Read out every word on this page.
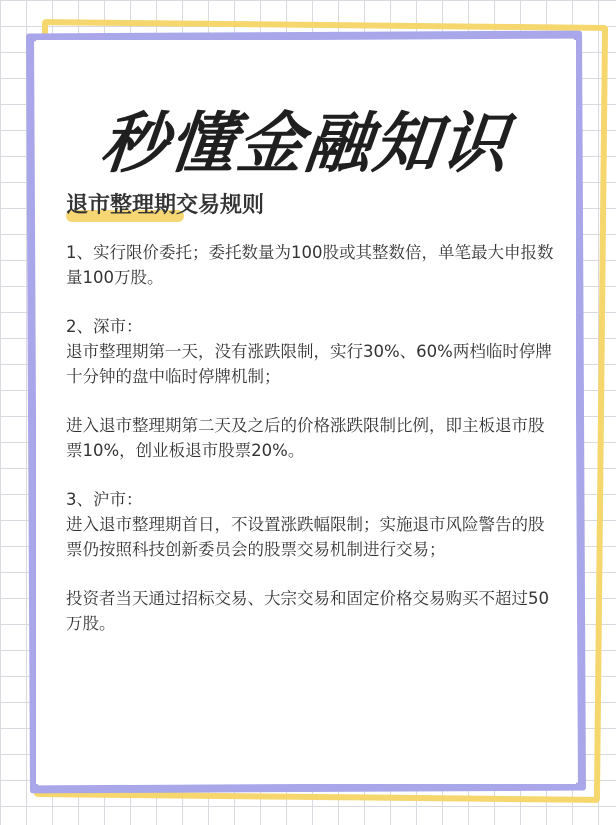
秒懂金融知识
退市整理期交易规则

1、实行限价委托；委托数量为100股或其整数倍，单笔最大申报数量100万股。

2、深市：
退市整理期第一天，没有涨跌限制，实行30%、60%两档临时停牌十分钟的盘中临时停牌机制；

进入退市整理期第二天及之后的价格涨跌限制比例，即主板退市股票10%，创业板退市股票20%。

3、沪市：
进入退市整理期首日，不设置涨跌幅限制；实施退市风险警告的股票仍按照科技创新委员会的股票交易机制进行交易；

投资者当天通过招标交易、大宗交易和固定价格交易购买不超过50万股。
